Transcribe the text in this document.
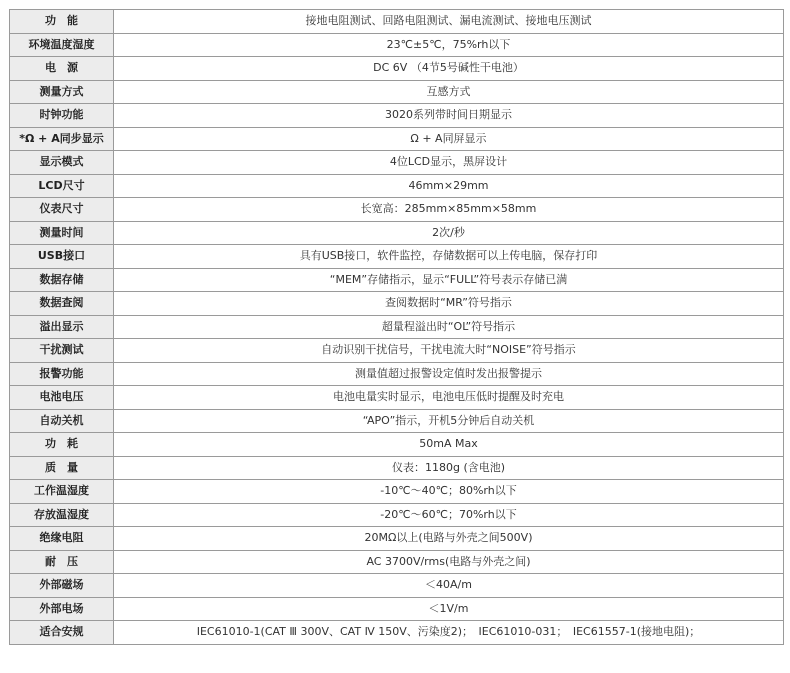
功　能	接地电阻测试、回路电阻测试、漏电流测试、接地电压测试
环境温度湿度	23℃±5℃，75%rh以下
电　源	DC 6V （4节5号碱性干电池）
测量方式	互感方式
时钟功能	3020系列带时间日期显示
*Ω + A同步显示	Ω + A同屏显示
显示模式	4位LCD显示，黑屏设计
LCD尺寸	46mm×29mm
仪表尺寸	长宽高：285mm×85mm×58mm
测量时间	2次/秒
USB接口	具有USB接口，软件监控，存储数据可以上传电脑，保存打印
数据存储	“MEM”存储指示，显示“FULL”符号表示存储已满
数据查阅	查阅数据时“MR”符号指示
溢出显示	超量程溢出时“OL”符号指示
干扰测试	自动识别干扰信号，干扰电流大时“NOISE”符号指示
报警功能	测量值超过报警设定值时发出报警提示
电池电压	电池电量实时显示，电池电压低时提醒及时充电
自动关机	“APO”指示，开机5分钟后自动关机
功　耗	50mA Max
质　量	仪表：1180g (含电池)
工作温湿度	-10℃～40℃；80%rh以下
存放温湿度	-20℃～60℃；70%rh以下
绝缘电阻	20MΩ以上(电路与外壳之间500V)
耐　压	AC 3700V/rms(电路与外壳之间)
外部磁场	＜40A/m
外部电场	＜1V/m
适合安规	IEC61010-1(CAT Ⅲ 300V、CAT Ⅳ 150V、污染度2)；　IEC61010-031；　IEC61557-1(接地电阻)；
